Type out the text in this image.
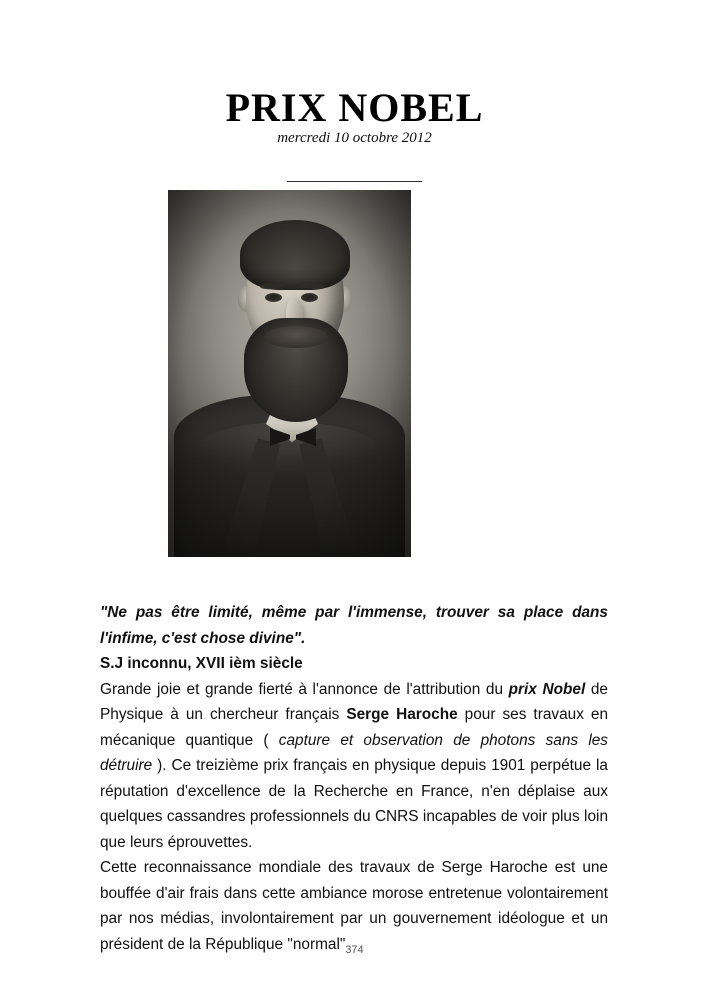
PRIX NOBEL
mercredi 10 octobre 2012

"Ne pas être limité, même par l'immense, trouver sa place dans l'infime, c'est chose divine".

S.J inconnu, XVII ièm siècle

Grande joie et grande fierté à l'annonce de l'attribution du prix Nobel de Physique à un chercheur français Serge Haroche pour ses travaux en mécanique quantique ( capture et observation de photons sans les détruire ). Ce treizième prix français en physique depuis 1901 perpétue la réputation d'excellence de la Recherche en France, n'en déplaise aux quelques cassandres professionnels du CNRS incapables de voir plus loin que leurs éprouvettes.

Cette reconnaissance mondiale des travaux de Serge Haroche est une bouffée d'air frais dans cette ambiance morose entretenue volontairement par nos médias, involontairement par un gouvernement idéologue et un président de la République "normal" 374
